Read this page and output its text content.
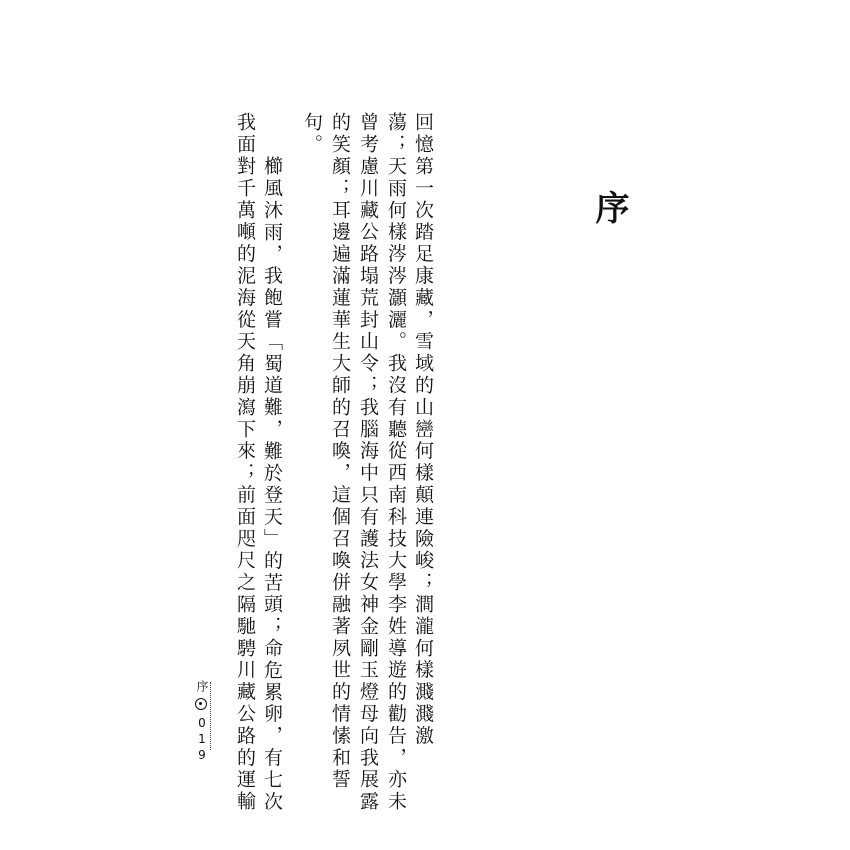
序
回憶第一次踏足康藏，雪域的山巒何樣顛連險峻；澗瀧何樣濺濺激
蕩；天雨何樣涔涔灝灑。我沒有聽從西南科技大學李姓導遊的勸告，亦未
曾考慮川藏公路塌荒封山令；我腦海中只有護法女神金剛玉燈母向我展露
的笑顏；耳邊遍滿蓮華生大師的召喚，這個召喚併融著夙世的情愫和誓
句。
櫛風沐雨，我飽嘗「蜀道難，難於登天」的苦頭；命危累卵，有七次
我面對千萬噸的泥海從天角崩瀉下來；前面咫尺之隔馳騁川藏公路的運輸
序
019
